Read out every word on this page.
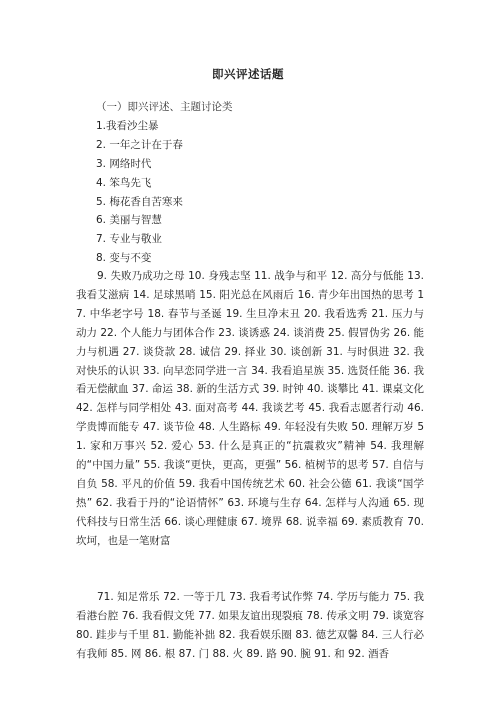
即兴评述话题
（一）即兴评述、主题讨论类
1.我看沙尘暴
2. 一年之计在于春
3. 网络时代
4. 笨鸟先飞
5. 梅花香自苦寒来
6. 美丽与智慧
7. 专业与敬业
8. 变与不变

9. 失败乃成功之母 10. 身残志坚 11. 战争与和平 12. 高分与低能 13. 我看艾滋病 14. 足球黑哨 15. 阳光总在风雨后 16. 青少年出国热的思考 17. 中华老字号 18. 春节与圣诞 19. 生旦净末丑 20. 我看选秀 21. 压力与动力 22. 个人能力与团体合作 23. 谈诱惑 24. 谈消费 25. 假冒伪劣 26. 能力与机遇 27. 谈贷款 28. 诚信 29. 择业 30. 谈创新 31. 与时俱进 32. 我对快乐的认识 33. 向早恋同学进一言 34. 我看追星族 35. 选贤任能 36. 我看无偿献血 37. 命运 38. 新的生活方式 39. 时钟 40. 谈攀比 41. 课桌文化 42. 怎样与同学相处 43. 面对高考 44. 我谈艺考 45. 我看志愿者行动 46. 学贵博而能专 47. 谈节俭 48. 人生路标 49. 年轻没有失败 50. 理解万岁 51. 家和万事兴 52. 爱心 53. 什么是真正的“抗震救灾”精神 54. 我理解的“中国力量” 55. 我谈“更快，更高，更强” 56. 植树节的思考 57. 自信与自负 58. 平凡的价值 59. 我看中国传统艺术 60. 社会公德 61. 我谈“国学热” 62. 我看于丹的“论语情怀” 63. 环境与生存 64. 怎样与人沟通 65. 现代科技与日常生活 66. 谈心理健康 67. 境界 68. 说幸福 69. 素质教育 70. 坎坷，也是一笔财富

71. 知足常乐 72. 一等于几 73. 我看考试作弊 74. 学历与能力 75. 我看港台腔 76. 我看假文凭 77. 如果友谊出现裂痕 78. 传承文明 79. 谈宽容 80. 跬步与千里 81. 勤能补拙 82. 我看娱乐圈 83. 德艺双馨 84. 三人行必有我师 85. 网 86. 根 87. 门 88. 火 89. 路 90. 腕 91. 和 92. 酒香
